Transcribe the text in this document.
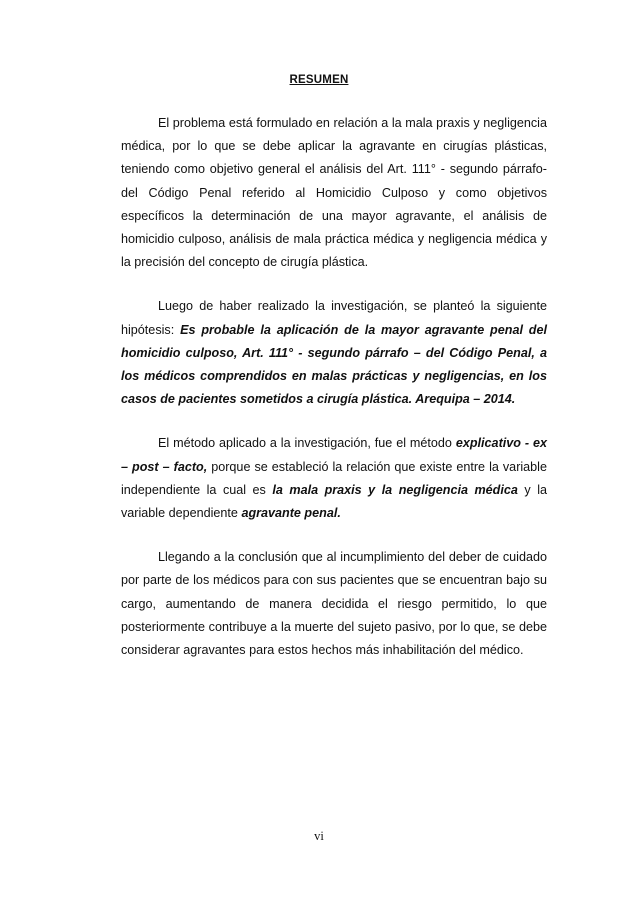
RESUMEN

El problema está formulado en relación a la mala praxis y negligencia médica, por lo que se debe aplicar la agravante en cirugías plásticas, teniendo como objetivo general el análisis del Art. 111° - segundo párrafo- del Código Penal referido al Homicidio Culposo y como objetivos específicos la determinación de una mayor agravante, el análisis de homicidio culposo, análisis de mala práctica médica y negligencia médica y la precisión del concepto de cirugía plástica.

Luego de haber realizado la investigación, se planteó la siguiente hipótesis: Es probable la aplicación de la mayor agravante penal del homicidio culposo, Art. 111° - segundo párrafo – del Código Penal, a los médicos comprendidos en malas prácticas y negligencias, en los casos de pacientes sometidos a cirugía plástica. Arequipa – 2014.

El método aplicado a la investigación, fue el método explicativo - ex – post – facto, porque se estableció la relación que existe entre la variable independiente la cual es la mala praxis y la negligencia médica y la variable dependiente agravante penal.

Llegando a la conclusión que al incumplimiento del deber de cuidado por parte de los médicos para con sus pacientes que se encuentran bajo su cargo, aumentando de manera decidida el riesgo permitido, lo que posteriormente contribuye a la muerte del sujeto pasivo, por lo que, se debe considerar agravantes para estos hechos más inhabilitación del médico.

vi
